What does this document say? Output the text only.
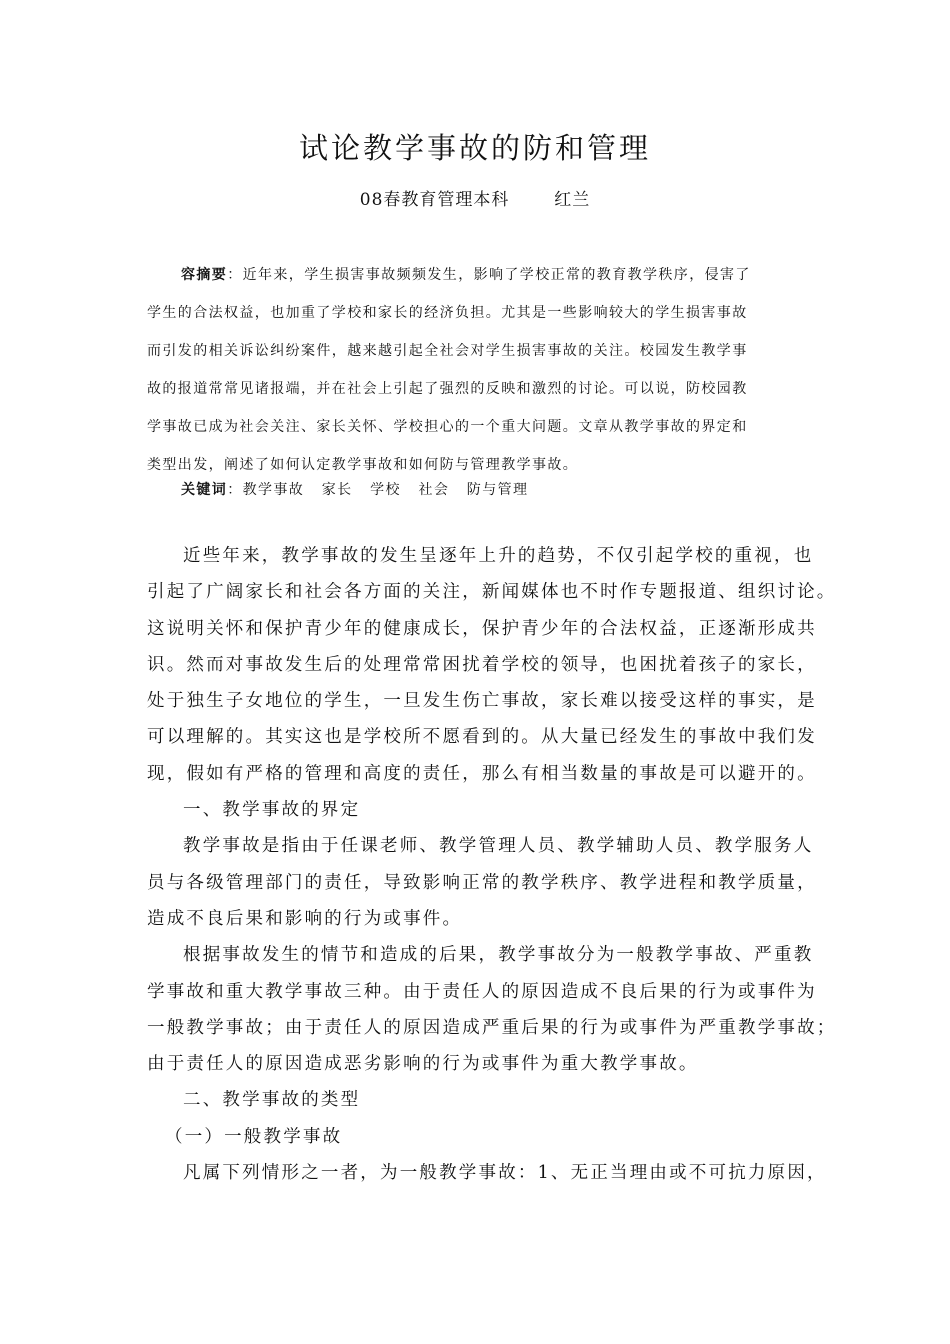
试论教学事故的防和管理
08春教育管理本科       红兰
容摘要：近年来，学生损害事故频频发生，影响了学校正常的教育教学秩序，侵害了
学生的合法权益，也加重了学校和家长的经济负担。尤其是一些影响较大的学生损害事故
而引发的相关诉讼纠纷案件，越来越引起全社会对学生损害事故的关注。校园发生教学事
故的报道常常见诸报端，并在社会上引起了强烈的反映和激烈的讨论。可以说，防校园教
学事故已成为社会关注、家长关怀、学校担心的一个重大问题。文章从教学事故的界定和
类型出发，阐述了如何认定教学事故和如何防与管理教学事故。
关键词：教学事故   家长   学校   社会   防与管理
近些年来，教学事故的发生呈逐年上升的趋势，不仅引起学校的重视，也
引起了广阔家长和社会各方面的关注，新闻媒体也不时作专题报道、组织讨论。
这说明关怀和保护青少年的健康成长，保护青少年的合法权益，正逐渐形成共
识。然而对事故发生后的处理常常困扰着学校的领导，也困扰着孩子的家长，
处于独生子女地位的学生，一旦发生伤亡事故，家长难以接受这样的事实，是
可以理解的。其实这也是学校所不愿看到的。从大量已经发生的事故中我们发
现，假如有严格的管理和高度的责任，那么有相当数量的事故是可以避开的。
一、教学事故的界定
教学事故是指由于任课老师、教学管理人员、教学辅助人员、教学服务人
员与各级管理部门的责任，导致影响正常的教学秩序、教学进程和教学质量，
造成不良后果和影响的行为或事件。
根据事故发生的情节和造成的后果，教学事故分为一般教学事故、严重教
学事故和重大教学事故三种。由于责任人的原因造成不良后果的行为或事件为
一般教学事故；由于责任人的原因造成严重后果的行为或事件为严重教学事故；
由于责任人的原因造成恶劣影响的行为或事件为重大教学事故。
二、教学事故的类型
（一）一般教学事故
凡属下列情形之一者，为一般教学事故：1、无正当理由或不可抗力原因，
